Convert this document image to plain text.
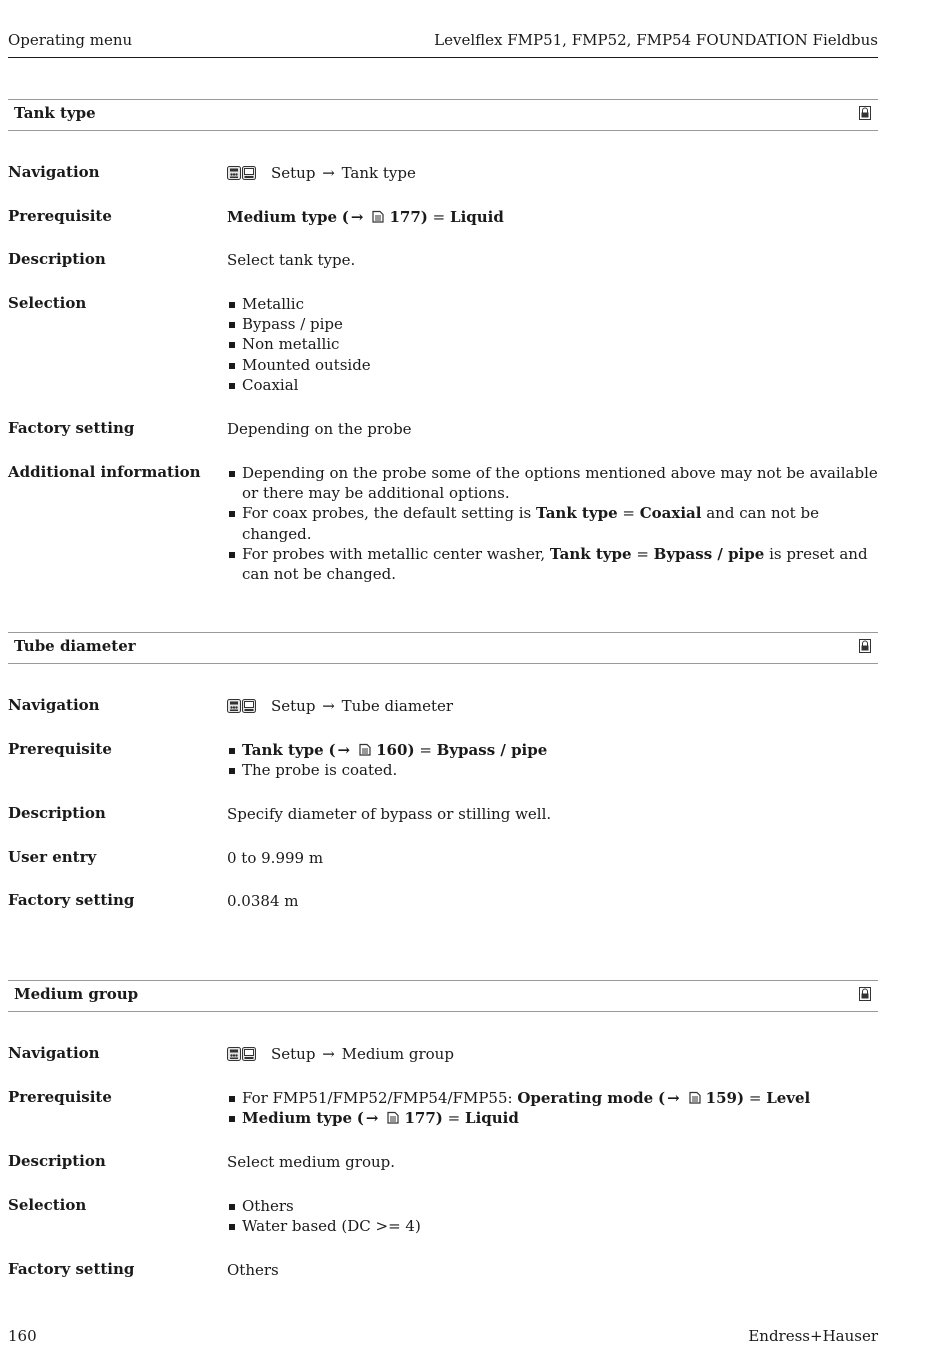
Operating menu	Levelflex FMP51, FMP52, FMP54 FOUNDATION Fieldbus
Tank type
Navigation	Setup → Tank type
Prerequisite	Medium type ( → 177) = Liquid
Description	Select tank type.
Selection	Metallic
Bypass / pipe
Non metallic
Mounted outside
Coaxial
Factory setting	Depending on the probe
Additional information	Depending on the probe some of the options mentioned above may not be available or there may be additional options.
For coax probes, the default setting is Tank type = Coaxial and can not be changed.
For probes with metallic center washer, Tank type = Bypass / pipe is preset and can not be changed.
Tube diameter
Navigation	Setup → Tube diameter
Prerequisite	Tank type ( → 160) = Bypass / pipe
The probe is coated.
Description	Specify diameter of bypass or stilling well.
User entry	0 to 9.999 m
Factory setting	0.0384 m
Medium group
Navigation	Setup → Medium group
Prerequisite	For FMP51/FMP52/FMP54/FMP55: Operating mode ( → 159) = Level
Medium type ( → 177) = Liquid
Description	Select medium group.
Selection	Others
Water based (DC >= 4)
Factory setting	Others
160	Endress+Hauser
